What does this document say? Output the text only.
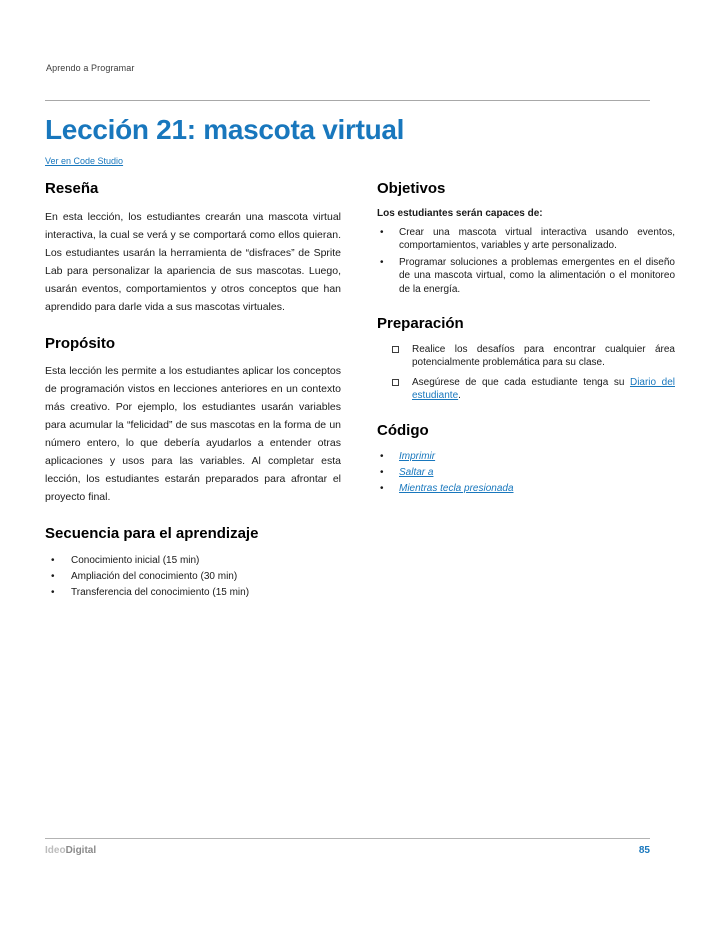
Aprendo a Programar
Lección 21: mascota virtual
Ver en Code Studio
Reseña

En esta lección, los estudiantes crearán una mascota virtual interactiva, la cual se verá y se comportará como ellos quieran. Los estudiantes usarán la herramienta de “disfraces” de Sprite Lab para personalizar la apariencia de sus mascotas. Luego, usarán eventos, comportamientos y otros conceptos que han aprendido para darle vida a sus mascotas virtuales.

Propósito

Esta lección les permite a los estudiantes aplicar los conceptos de programación vistos en lecciones anteriores en un contexto más creativo. Por ejemplo, los estudiantes usarán variables para acumular la “felicidad” de sus mascotas en la forma de un número entero, lo que debería ayudarlos a entender otras aplicaciones y usos para las variables. Al completar esta lección, los estudiantes estarán preparados para afrontar el proyecto final.

Secuencia para el aprendizaje
•	Conocimiento inicial (15 min)
•	Ampliación del conocimiento (30 min)
•	Transferencia del conocimiento (15 min)
Objetivos

Los estudiantes serán capaces de:

•	Crear una mascota virtual interactiva usando eventos, comportamientos, variables y arte personalizado.
•	Programar soluciones a problemas emergentes en el diseño de una mascota virtual, como la alimentación o el monitoreo de la energía.
Preparación
Realice los desafíos para encontrar cualquier área potencialmente problemática para su clase.
Asegúrese de que cada estudiante tenga su Diario del estudiante.
Código
•	Imprimir
•	Saltar a
•	Mientras tecla presionada
IdeoDigital	85
